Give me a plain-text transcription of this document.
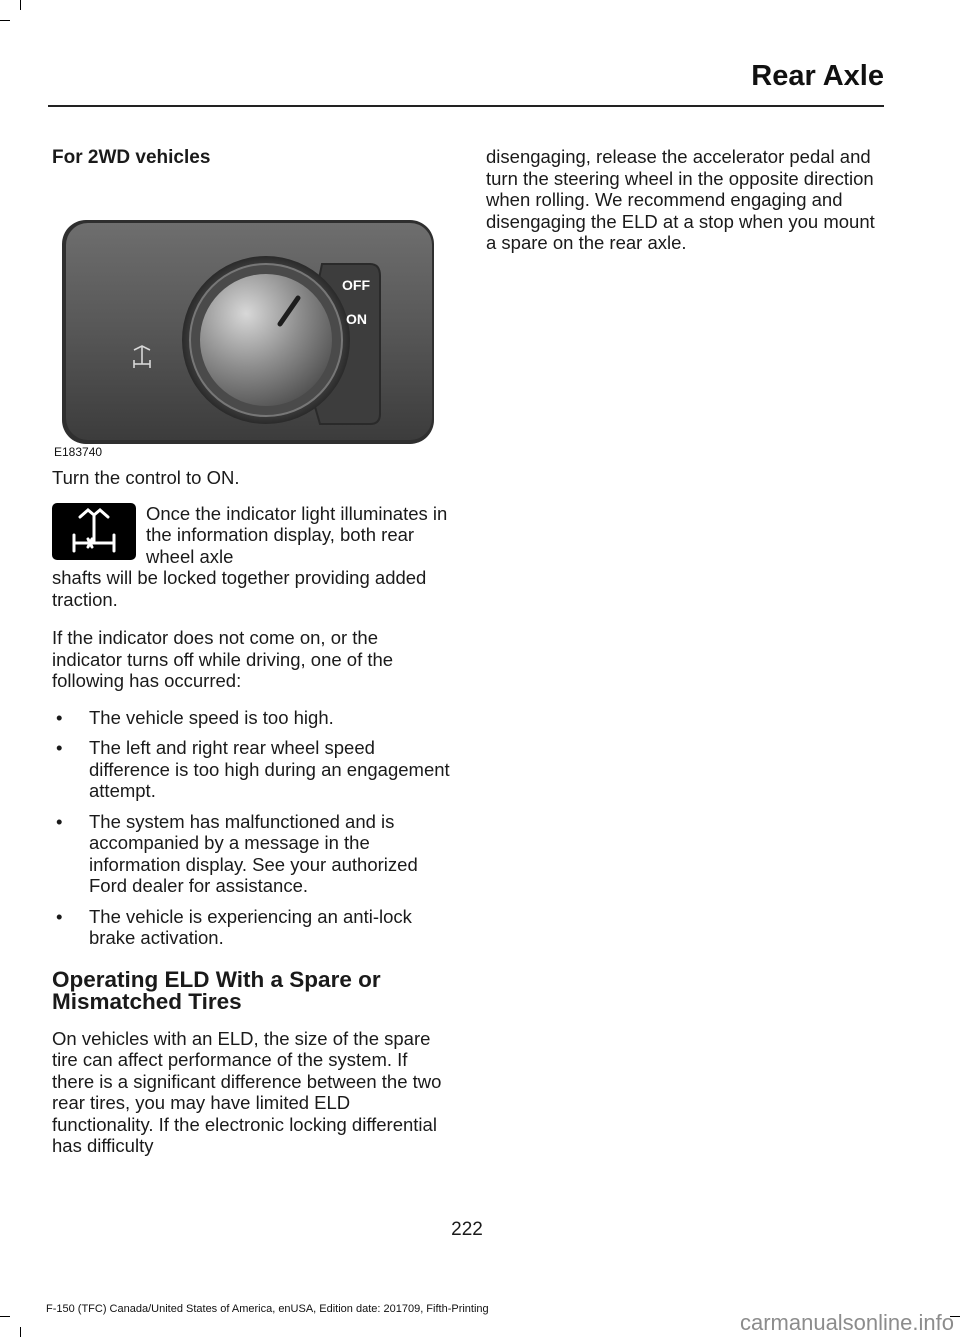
Rear Axle
For 2WD vehicles
OFF
ON
E183740

Turn the control to ON.

Once the indicator light illuminates in the information display, both rear wheel axle

shafts will be locked together providing added traction.

If the indicator does not come on, or the indicator turns off while driving, one of the following has occurred:

• The vehicle speed is too high.
• The left and right rear wheel speed difference is too high during an engagement attempt.
• The system has malfunctioned and is accompanied by a message in the information display. See your authorized Ford dealer for assistance.
• The vehicle is experiencing an anti-lock brake activation.
Operating ELD With a Spare or Mismatched Tires

On vehicles with an ELD, the size of the spare tire can affect performance of the system. If there is a significant difference between the two rear tires, you may have limited ELD functionality. If the electronic locking differential has difficulty

disengaging, release the accelerator pedal and turn the steering wheel in the opposite direction when rolling. We recommend engaging and disengaging the ELD at a stop when you mount a spare on the rear axle.

222
F-150 (TFC) Canada/United States of America, enUSA, Edition date: 201709, Fifth-Printing
carmanualsonline.info
